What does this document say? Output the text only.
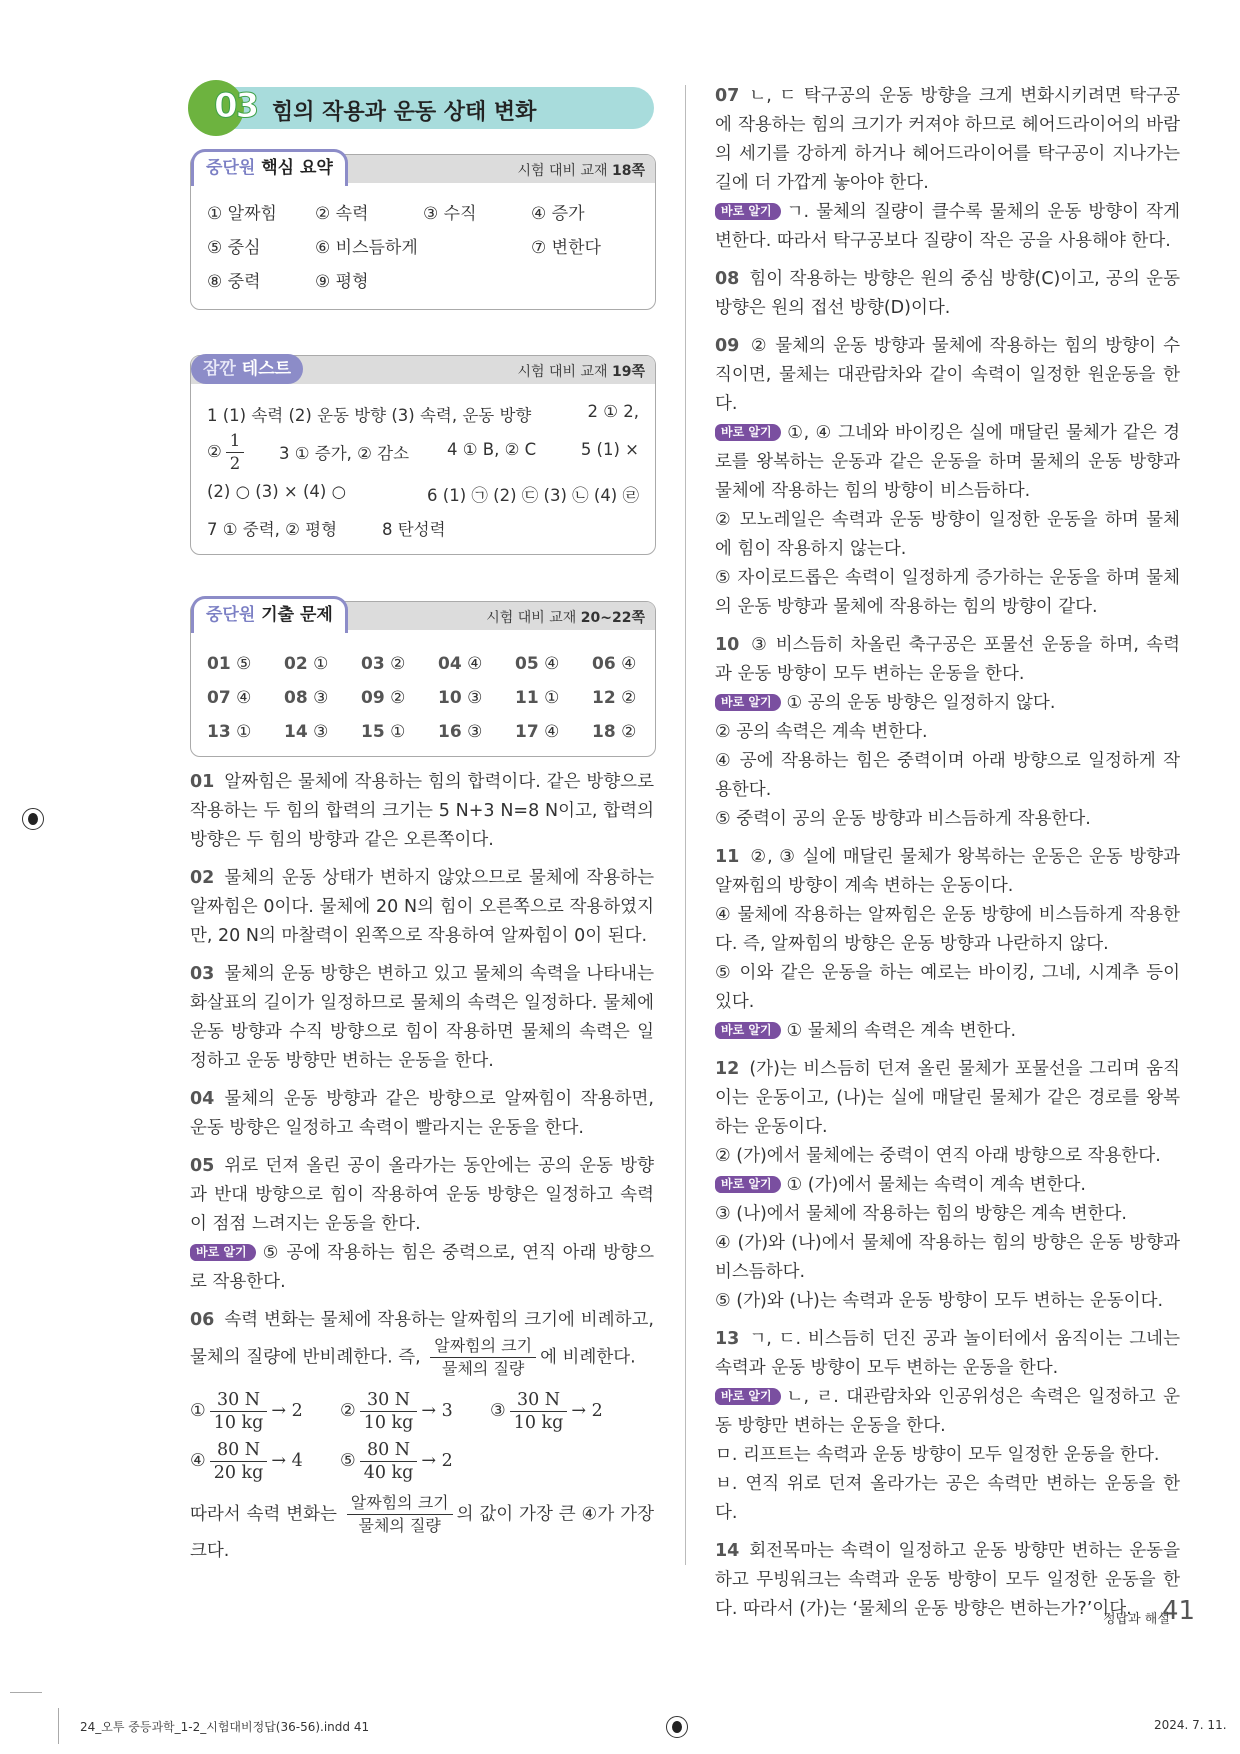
03 힘의 작용과 운동 상태 변화
중단원 핵심 요약	시험 대비 교재 18쪽
① 알짜힘 ② 속력	③ 수직	④ 증가
⑤ 중심	⑥ 비스듬하게	⑦ 변한다
⑧ 중력	⑨ 평형
잠깐 테스트	시험 대비 교재 19쪽
1 (1) 속력 (2) 운동 방향 (3) 속력, 운동 방향	2 ① 2,
② $\frac{1}{2} 3$ ① 증가, ② 감소 4 ① B, ② C	5 (1) ×
(2) ○ (3) × (4) ○	6 (1) ㉠ (2) ㉢ (3) ㉡ (4) ㉣
7 ① 중력, ② 평형	8 탄성력
중단원 기출 문제	시험 대비 교재 20~22쪽
01 ⑤ 02 ① 03 ② 04 ④ 05 ④ 06 ④
07 ④ 08 ③ 09 ② 10 ③ 11 ① 12 ②
13 ① 14 ③ 15 ① 16 ③ 17 ④ 18 ②
01 알짜힘은 물체에 작용하는 힘의 합력이다. 같은 방향으로 작용하는 두 힘의 합력의 크기는 5 N+3 N=8 N이고, 합력의 방향은 두 힘의 방향과 같은 오른쪽이다.
02 물체의 운동 상태가 변하지 않았으므로 물체에 작용하는 알짜힘은 0이다. 물체에 20 N의 힘이 오른쪽으로 작용하였지만, 20 N의 마찰력이 왼쪽으로 작용하여 알짜힘이 0이 된다.
03 물체의 운동 방향은 변하고 있고 물체의 속력을 나타내는 화살표의 길이가 일정하므로 물체의 속력은 일정하다. 물체에 운동 방향과 수직 방향으로 힘이 작용하면 물체의 속력은 일정하고 운동 방향만 변하는 운동을 한다.
04 물체의 운동 방향과 같은 방향으로 알짜힘이 작용하면, 운동 방향은 일정하고 속력이 빨라지는 운동을 한다.
05 위로 던져 올린 공이 올라가는 동안에는 공의 운동 방향과 반대 방향으로 힘이 작용하여 운동 방향은 일정하고 속력이 점점 느려지는 운동을 한다.
바로 알기 ⑤ 공에 작용하는 힘은 중력으로, 연직 아래 방향으로 작용한다.
06 속력 변화는 물체에 작용하는 알짜힘의 크기에 비례하고, 물체의 질량에 반비례한다. 즉, $\frac{\text{알짜힘의 크기}}{\text{물체의 질량}}$ 에 비례한다.
① $\frac{30 N}{10 kg} \to 2$ ② $\frac{30 N}{10 kg} \to 3$ ③ $\frac{30 N}{10 kg} \to 2$
④ $\frac{80 N}{20 kg} \to 4$ ⑤ $\frac{80 N}{40 kg} \to 2$
따라서 속력 변화는 $\frac{\text{알짜힘의 크기}}{\text{물체의 질량}}$ 의 값이 가장 큰 ④가 가장 크다.
07 ㄴ, ㄷ 탁구공의 운동 방향을 크게 변화시키려면 탁구공에 작용하는 힘의 크기가 커져야 하므로 헤어드라이어의 바람의 세기를 강하게 하거나 헤어드라이어를 탁구공이 지나가는 길에 더 가깝게 놓아야 한다.
바로 알기 ㄱ. 물체의 질량이 클수록 물체의 운동 방향이 작게 변한다. 따라서 탁구공보다 질량이 작은 공을 사용해야 한다.
08 힘이 작용하는 방향은 원의 중심 방향(C)이고, 공의 운동 방향은 원의 접선 방향(D)이다.
09 ② 물체의 운동 방향과 물체에 작용하는 힘의 방향이 수직이면, 물체는 대관람차와 같이 속력이 일정한 원운동을 한다.
바로 알기 ①, ④ 그네와 바이킹은 실에 매달린 물체가 같은 경로를 왕복하는 운동과 같은 운동을 하며 물체의 운동 방향과 물체에 작용하는 힘의 방향이 비스듬하다.
② 모노레일은 속력과 운동 방향이 일정한 운동을 하며 물체에 힘이 작용하지 않는다.
⑤ 자이로드롭은 속력이 일정하게 증가하는 운동을 하며 물체의 운동 방향과 물체에 작용하는 힘의 방향이 같다.
10 ③ 비스듬히 차올린 축구공은 포물선 운동을 하며, 속력과 운동 방향이 모두 변하는 운동을 한다.
바로 알기 ① 공의 운동 방향은 일정하지 않다.
② 공의 속력은 계속 변한다.
④ 공에 작용하는 힘은 중력이며 아래 방향으로 일정하게 작용한다.
⑤ 중력이 공의 운동 방향과 비스듬하게 작용한다.
11 ②, ③ 실에 매달린 물체가 왕복하는 운동은 운동 방향과 알짜힘의 방향이 계속 변하는 운동이다.
④ 물체에 작용하는 알짜힘은 운동 방향에 비스듬하게 작용한다. 즉, 알짜힘의 방향은 운동 방향과 나란하지 않다.
⑤ 이와 같은 운동을 하는 예로는 바이킹, 그네, 시계추 등이 있다.
바로 알기 ① 물체의 속력은 계속 변한다.
12 (가)는 비스듬히 던져 올린 물체가 포물선을 그리며 움직이는 운동이고, (나)는 실에 매달린 물체가 같은 경로를 왕복하는 운동이다.
② (가)에서 물체에는 중력이 연직 아래 방향으로 작용한다.
바로 알기 ① (가)에서 물체는 속력이 계속 변한다.
③ (나)에서 물체에 작용하는 힘의 방향은 계속 변한다.
④ (가)와 (나)에서 물체에 작용하는 힘의 방향은 운동 방향과 비스듬하다.
⑤ (가)와 (나)는 속력과 운동 방향이 모두 변하는 운동이다.
13 ㄱ, ㄷ. 비스듬히 던진 공과 놀이터에서 움직이는 그네는 속력과 운동 방향이 모두 변하는 운동을 한다.
바로 알기 ㄴ, ㄹ. 대관람차와 인공위성은 속력은 일정하고 운동 방향만 변하는 운동을 한다.
ㅁ. 리프트는 속력과 운동 방향이 모두 일정한 운동을 한다.
ㅂ. 연직 위로 던져 올라가는 공은 속력만 변하는 운동을 한다.
14 회전목마는 속력이 일정하고 운동 방향만 변하는 운동을 하고 무빙워크는 속력과 운동 방향이 모두 일정한 운동을 한다. 따라서 (가)는 ‘물체의 운동 방향은 변하는가?’이다.
정답과 해설
41
24_오투 중등과학_1-2_시험대비정답(36-56).indd 41	2024. 7. 11.
